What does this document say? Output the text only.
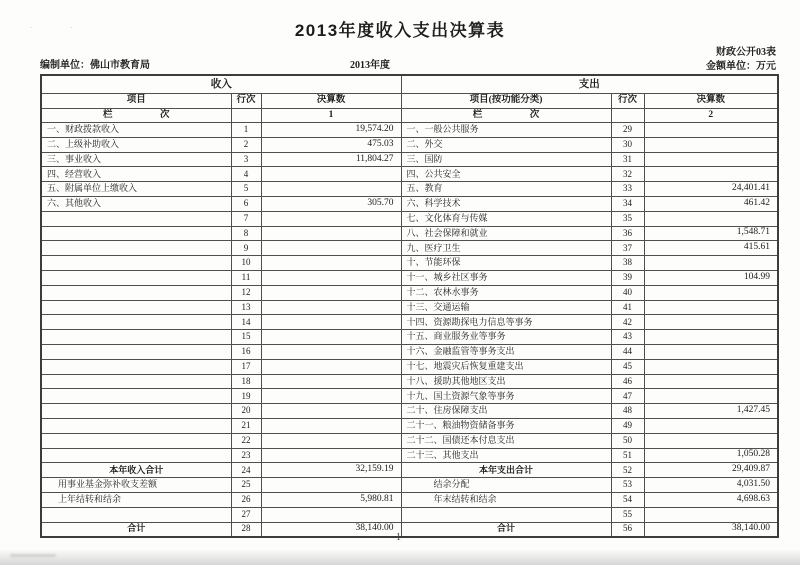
· ·	2013年度收入支出决算表
财政公开03表
金额单位：万元
编制单位：佛山市教育局	2013年度
收入			支出		
项目	行次	决算数	项目(按功能分类)	行次	决算数
栏　　　　　次		1	栏　　　　　次		2
一、财政拨款收入	1	19,574.20	一、一般公共服务	29	
二、上级补助收入	2	475.03	二、外交	30	
三、事业收入	3	11,804.27	三、国防	31	
四、经营收入	4		四、公共安全	32	
五、附属单位上缴收入	5		五、教育	33	24,401.41
六、其他收入	6	305.70	六、科学技术	34	461.42
	7		七、文化体育与传媒	35	
	8		八、社会保障和就业	36	1,548.71
	9		九、医疗卫生	37	415.61
	10		十、节能环保	38	
	11		十一、城乡社区事务	39	104.99
	12		十二、农林水事务	40	
	13		十三、交通运输	41	
	14		十四、资源勘探电力信息等事务	42	
	15		十五、商业服务业等事务	43	
	16		十六、金融监管等事务支出	44	
	17		十七、地震灾后恢复重建支出	45	
	18		十八、援助其他地区支出	46	
	19		十九、国土资源气象等事务	47	
	20		二十、住房保障支出	48	1,427.45
	21		二十一、粮油物资储备事务	49	
	22		二十二、国债还本付息支出	50	
	23		二十三、其他支出	51	1,050.28
本年收入合计	24	32,159.19	本年支出合计	52	29,409.87
用事业基金弥补收支差额	25		结余分配	53	4,031.50
上年结转和结余	26	5,980.81	年末结转和结余	54	4,698.63
	27			55	
合计	28	38,140.00	合计	56	38,140.00
— 1 —
